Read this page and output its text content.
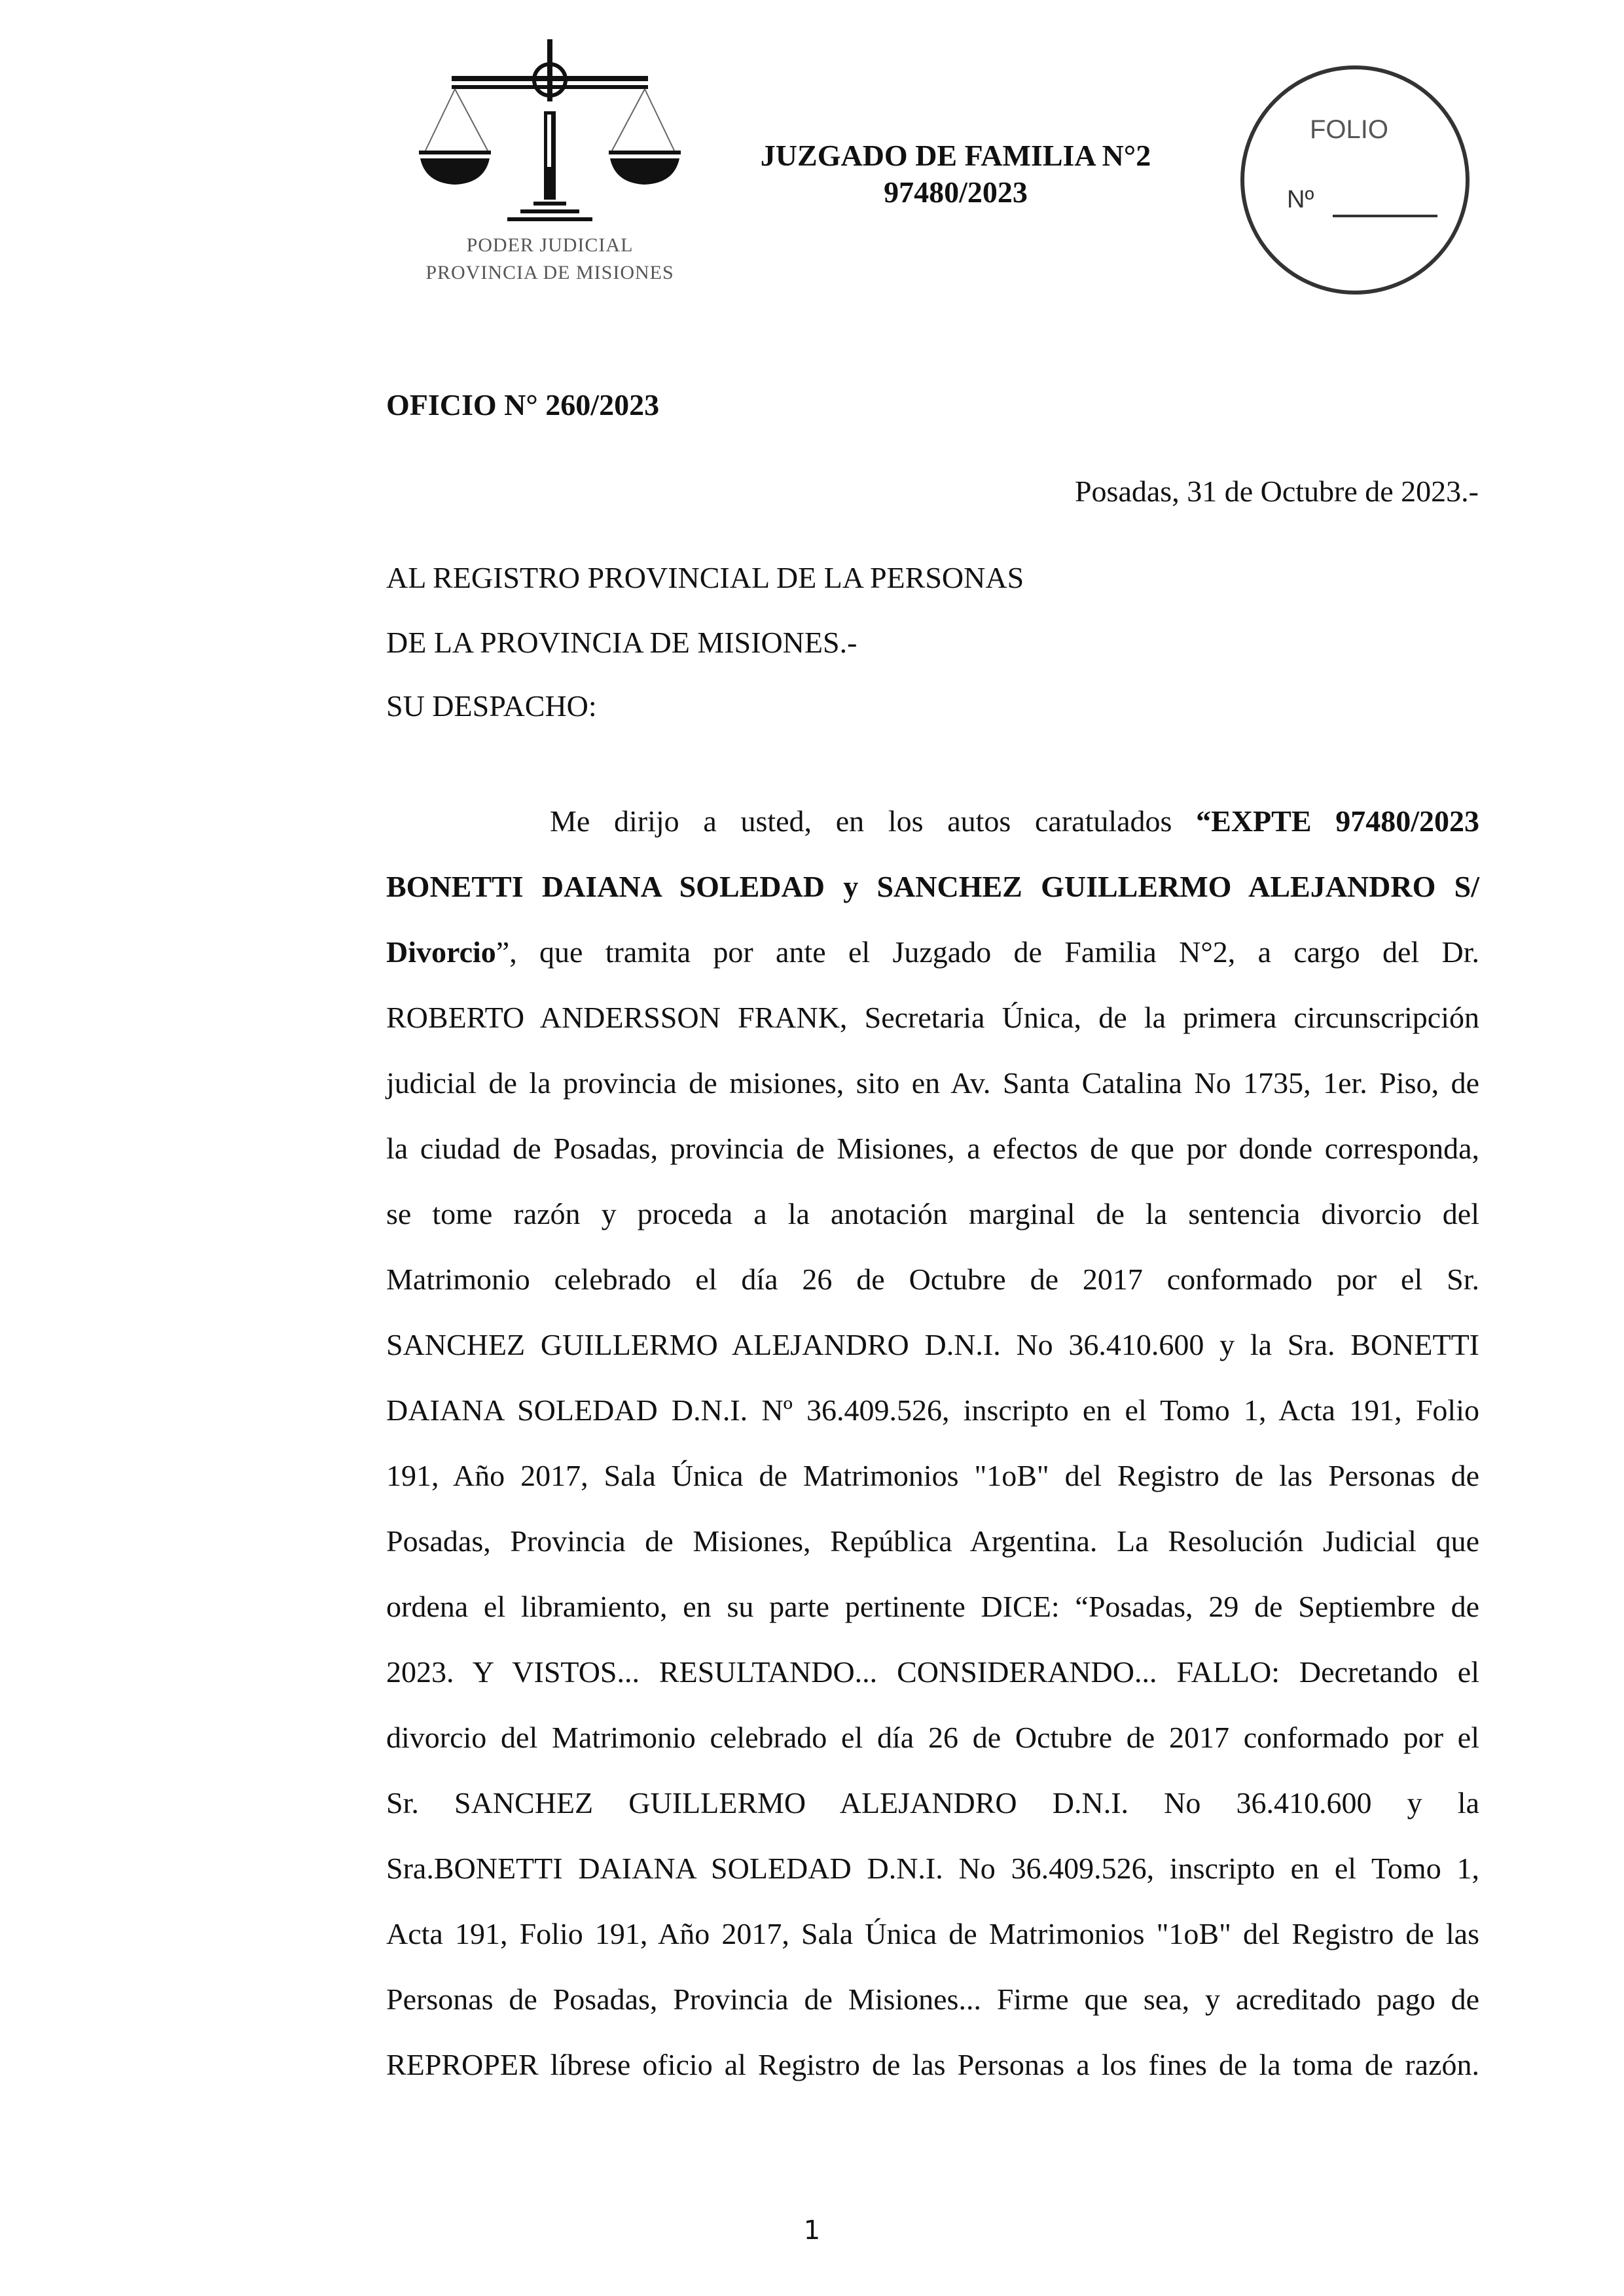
PODER JUDICIAL
PROVINCIA DE MISIONES
JUZGADO DE FAMILIA N°2
97480/2023
FOLIO
Nº
OFICIO N° 260/2023
Posadas, 31 de Octubre de 2023.-
AL REGISTRO PROVINCIAL DE LA PERSONAS
DE LA PROVINCIA DE MISIONES.-
SU DESPACHO:
Me dirijo a usted, en los autos caratulados “EXPTE 97480/2023
BONETTI DAIANA SOLEDAD y SANCHEZ GUILLERMO ALEJANDRO S/
Divorcio”, que tramita por ante el Juzgado de Familia N°2, a cargo del Dr.
ROBERTO ANDERSSON FRANK, Secretaria Única, de la primera circunscripción
judicial de la provincia de misiones, sito en Av. Santa Catalina No 1735, 1er. Piso, de
la ciudad de Posadas, provincia de Misiones, a efectos de que por donde corresponda,
se tome razón y proceda a la anotación marginal de la sentencia divorcio del
Matrimonio celebrado el día 26 de Octubre de 2017 conformado por el Sr.
SANCHEZ GUILLERMO ALEJANDRO D.N.I. No 36.410.600 y la Sra. BONETTI
DAIANA SOLEDAD D.N.I. Nº 36.409.526, inscripto en el Tomo 1, Acta 191, Folio
191, Año 2017, Sala Única de Matrimonios "1oB" del Registro de las Personas de
Posadas, Provincia de Misiones, República Argentina. La Resolución Judicial que
ordena el libramiento, en su parte pertinente DICE: “Posadas, 29 de Septiembre de
2023. Y VISTOS... RESULTANDO... CONSIDERANDO... FALLO: Decretando el
divorcio del Matrimonio celebrado el día 26 de Octubre de 2017 conformado por el
Sr. SANCHEZ GUILLERMO ALEJANDRO D.N.I. No 36.410.600 y la
Sra.BONETTI DAIANA SOLEDAD D.N.I. No 36.409.526, inscripto en el Tomo 1,
Acta 191, Folio 191, Año 2017, Sala Única de Matrimonios "1oB" del Registro de las
Personas de Posadas, Provincia de Misiones... Firme que sea, y acreditado pago de
REPROPER líbrese oficio al Registro de las Personas a los fines de la toma de razón.
1
